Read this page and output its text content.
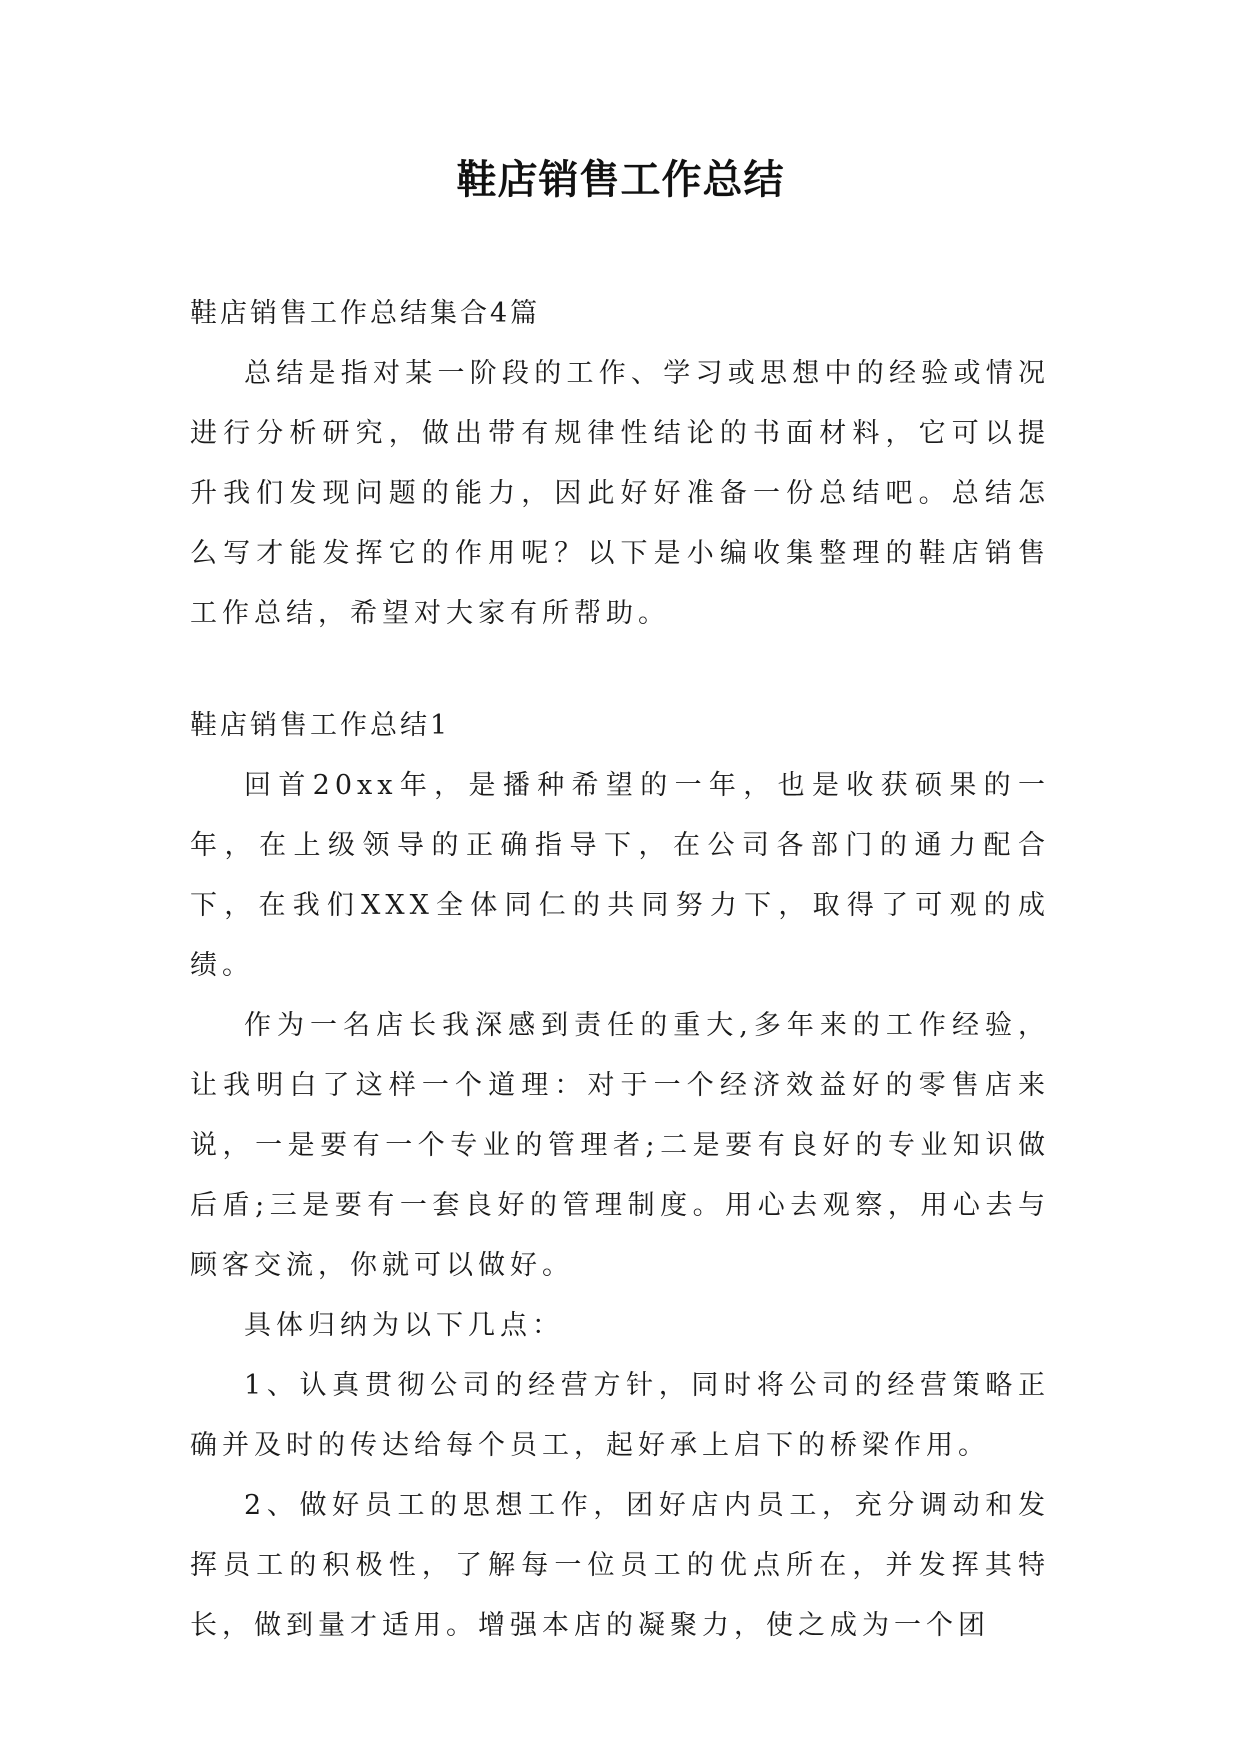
鞋店销售工作总结

鞋店销售工作总结集合4篇

总结是指对某一阶段的工作、学习或思想中的经验或情况进行分析研究，做出带有规律性结论的书面材料，它可以提升我们发现问题的能力，因此好好准备一份总结吧。总结怎么写才能发挥它的作用呢？以下是小编收集整理的鞋店销售工作总结，希望对大家有所帮助。

鞋店销售工作总结1

回首20xx年，是播种希望的一年，也是收获硕果的一年，在上级领导的正确指导下，在公司各部门的通力配合下，在我们XXX全体同仁的共同努力下，取得了可观的成绩。

作为一名店长我深感到责任的重大,多年来的工作经验，让我明白了这样一个道理：对于一个经济效益好的零售店来说，一是要有一个专业的管理者;二是要有良好的专业知识做后盾;三是要有一套良好的管理制度。用心去观察，用心去与顾客交流，你就可以做好。

具体归纳为以下几点：

1、认真贯彻公司的经营方针，同时将公司的经营策略正确并及时的传达给每个员工，起好承上启下的桥梁作用。

2、做好员工的思想工作，团好店内员工，充分调动和发挥员工的积极性，了解每一位员工的优点所在，并发挥其特长，做到量才适用。增强本店的凝聚力，使之成为一个团
